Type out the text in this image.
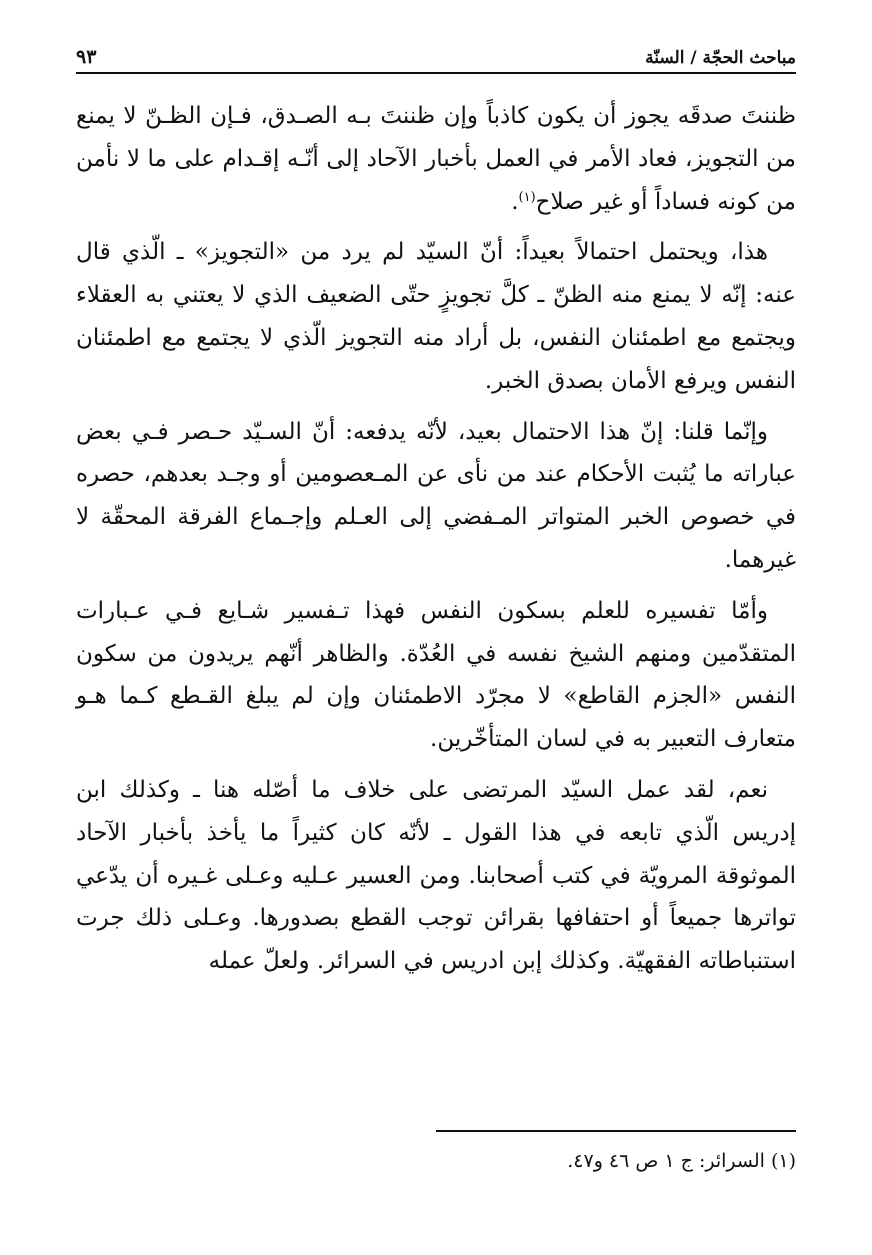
مباحث الحجّة / السنّة
٩٣

ظننتَ صدقَه يجوز أن يكون كاذباً وإن ظننتَ بـه الصـدق، فـإن الظـنّ لا يمنع من التجويز، فعاد الأمر في العمل بأخبار الآحاد إلى أنّـه إقـدام على ما لا نأمن من كونه فساداً أو غير صلاح$^{(١)}$.

هذا، ويحتمل احتمالاً بعيداً: أنّ السيّد لم يرد من «التجويز» ـ الّذي قال عنه: إنّه لا يمنع منه الظنّ ـ كلَّ تجويزٍ حتّى الضعيف الذي لا يعتني به العقلاء ويجتمع مع اطمئنان النفس، بل أراد منه التجويز الّذي لا يجتمع مع اطمئنان النفس ويرفع الأمان بصدق الخبر.

وإنّما قلنا: إنّ هذا الاحتمال بعيد، لأنّه يدفعه: أنّ السـيّد حـصر فـي بعض عباراته ما يُثبت الأحكام عند من نأى عن المـعصومين أو وجـد بعدهم، حصره في خصوص الخبر المتواتر المـفضي إلى العـلم وإجـماع الفرقة المحقّة لا غيرهما.

وأمّا تفسيره للعلم بسكون النفس فهذا تـفسير شـايع فـي عـبارات المتقدّمين ومنهم الشيخ نفسه في العُدّة. والظاهر أنّهم يريدون من سكون النفس «الجزم القاطع» لا مجرّد الاطمئنان وإن لم يبلغ القـطع كـما هـو متعارف التعبير به في لسان المتأخّرين.

نعم، لقد عمل السيّد المرتضى على خلاف ما أصّله هنا ـ وكذلك ابن إدريس الّذي تابعه في هذا القول ـ لأنّه كان كثيراً ما يأخذ بأخبار الآحاد الموثوقة المرويّة في كتب أصحابنا. ومن العسير عـليه وعـلى غـيره أن يدّعي تواترها جميعاً أو احتفافها بقرائن توجب القطع بصدورها. وعـلى ذلك جرت استنباطاته الفقهيّة. وكذلك إبن ادريس في السرائر. ولعلّ عمله

(١) السرائر: ج ١ ص ٤٦ و٤٧.
